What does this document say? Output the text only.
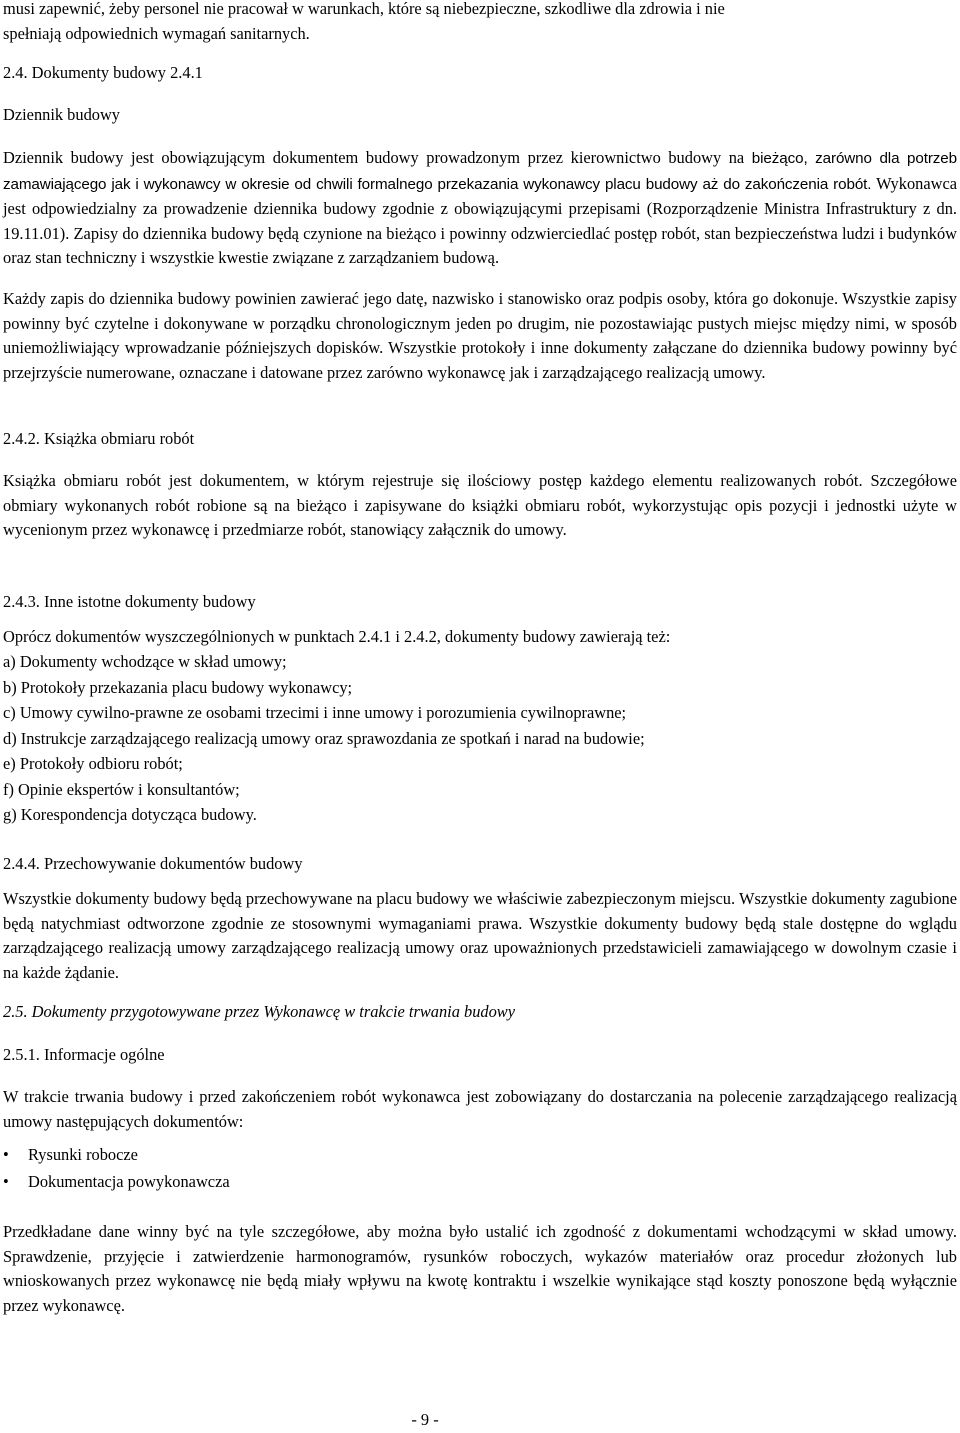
musi zapewnić, żeby personel nie pracował w warunkach, które są niebezpieczne, szkodliwe dla zdrowia i nie
spełniają odpowiednich wymagań sanitarnych.

2.4. Dokumenty budowy 2.4.1

Dziennik budowy

Dziennik budowy jest obowiązującym dokumentem budowy prowadzonym przez kierownictwo budowy na bieżąco, zarówno dla potrzeb zamawiającego jak i wykonawcy w okresie od chwili formalnego przekazania wykonawcy placu budowy aż do zakończenia robót. Wykonawca jest odpowiedzialny za prowadzenie dziennika budowy zgodnie z obowiązującymi przepisami (Rozporządzenie Ministra Infrastruktury z dn. 19.11.01). Zapisy do dziennika budowy będą czynione na bieżąco i powinny odzwierciedlać postęp robót, stan bezpieczeństwa ludzi i budynków oraz stan techniczny i wszystkie kwestie związane z zarządzaniem budową.

Każdy zapis do dziennika budowy powinien zawierać jego datę, nazwisko i stanowisko oraz podpis osoby, która go dokonuje. Wszystkie zapisy powinny być czytelne i dokonywane w porządku chronologicznym jeden po drugim, nie pozostawiając pustych miejsc między nimi, w sposób uniemożliwiający wprowadzanie późniejszych dopisków. Wszystkie protokoły i inne dokumenty załączane do dziennika budowy powinny być przejrzyście numerowane, oznaczane i datowane przez zarówno wykonawcę jak i zarządzającego realizacją umowy.

2.4.2. Książka obmiaru robót

Książka obmiaru robót jest dokumentem, w którym rejestruje się ilościowy postęp każdego elementu realizowanych robót. Szczegółowe obmiary wykonanych robót robione są na bieżąco i zapisywane do książki obmiaru robót, wykorzystując opis pozycji i jednostki użyte w wycenionym przez wykonawcę i przedmiarze robót, stanowiący załącznik do umowy.

2.4.3. Inne istotne dokumenty budowy

Oprócz dokumentów wyszczególnionych w punktach 2.4.1 i 2.4.2, dokumenty budowy zawierają też:

a) Dokumenty wchodzące w skład umowy;
b) Protokoły przekazania placu budowy wykonawcy;
c) Umowy cywilno-prawne ze osobami trzecimi i inne umowy i porozumienia cywilnoprawne;
d) Instrukcje zarządzającego realizacją umowy oraz sprawozdania ze spotkań i narad na budowie;
e) Protokoły odbioru robót;
f) Opinie ekspertów i konsultantów;
g) Korespondencja dotycząca budowy.

2.4.4. Przechowywanie dokumentów budowy

Wszystkie dokumenty budowy będą przechowywane na placu budowy we właściwie zabezpieczonym miejscu. Wszystkie dokumenty zagubione będą natychmiast odtworzone zgodnie ze stosownymi wymaganiami prawa. Wszystkie dokumenty budowy będą stale dostępne do wglądu zarządzającego realizacją umowy zarządzającego realizacją umowy oraz upoważnionych przedstawicieli zamawiającego w dowolnym czasie i na każde żądanie.

2.5. Dokumenty przygotowywane przez Wykonawcę w trakcie trwania budowy

2.5.1. Informacje ogólne

W trakcie trwania budowy i przed zakończeniem robót wykonawca jest zobowiązany do dostarczania na polecenie zarządzającego realizacją umowy następujących dokumentów:

• Rysunki robocze
• Dokumentacja powykonawcza

Przedkładane dane winny być na tyle szczegółowe, aby można było ustalić ich zgodność z dokumentami wchodzącymi w skład umowy. Sprawdzenie, przyjęcie i zatwierdzenie harmonogramów, rysunków roboczych, wykazów materiałów oraz procedur złożonych lub wnioskowanych przez wykonawcę nie będą miały wpływu na kwotę kontraktu i wszelkie wynikające stąd koszty ponoszone będą wyłącznie przez wykonawcę.

- 9 -
